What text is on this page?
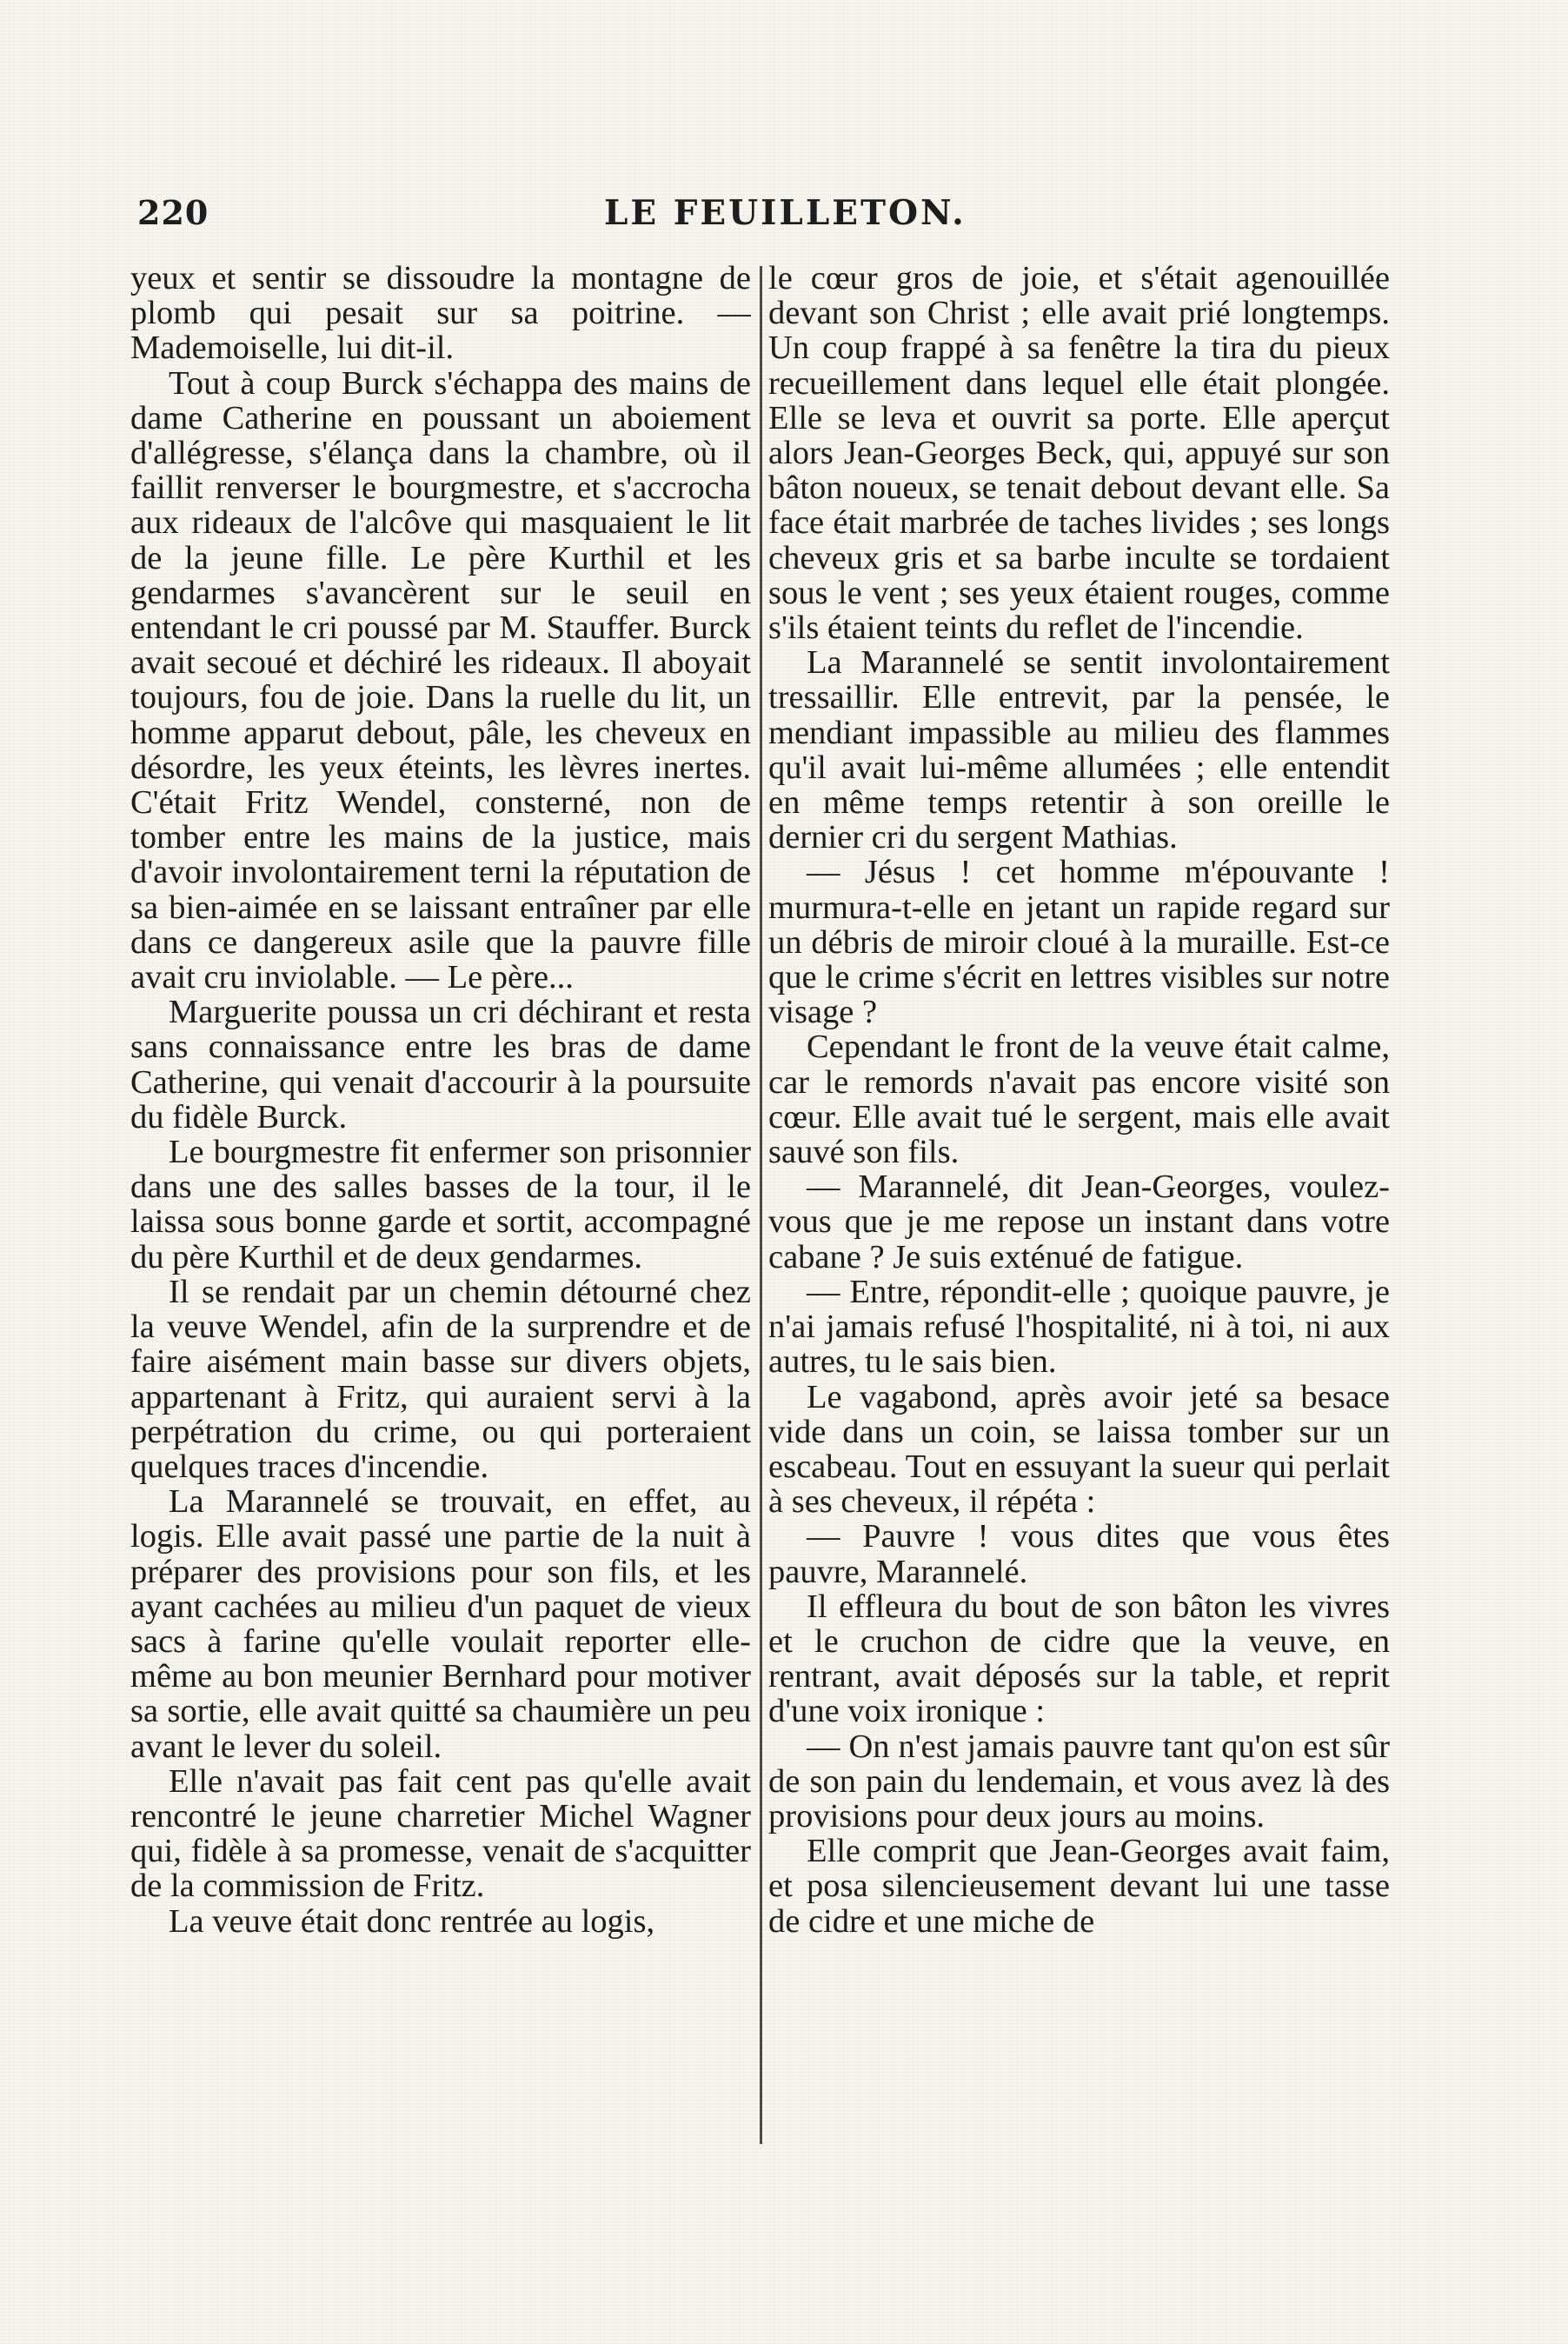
220	LE FEUILLETON.

yeux et sentir se dissoudre la montagne de plomb qui pesait sur sa poitrine. — Mademoiselle, lui dit-il.

Tout à coup Burck s'échappa des mains de dame Catherine en poussant un aboiement d'allégresse, s'élança dans la chambre, où il faillit renverser le bourgmestre, et s'accrocha aux rideaux de l'alcôve qui masquaient le lit de la jeune fille. Le père Kurthil et les gendarmes s'avancèrent sur le seuil en entendant le cri poussé par M. Stauffer. Burck avait secoué et déchiré les rideaux. Il aboyait toujours, fou de joie. Dans la ruelle du lit, un homme apparut debout, pâle, les cheveux en désordre, les yeux éteints, les lèvres inertes. C'était Fritz Wendel, consterné, non de tomber entre les mains de la justice, mais d'avoir involontairement terni la réputation de sa bien-aimée en se laissant entraîner par elle dans ce dangereux asile que la pauvre fille avait cru inviolable. — Le père...

Marguerite poussa un cri déchirant et resta sans connaissance entre les bras de dame Catherine, qui venait d'accourir à la poursuite du fidèle Burck.

Le bourgmestre fit enfermer son prisonnier dans une des salles basses de la tour, il le laissa sous bonne garde et sortit, accompagné du père Kurthil et de deux gendarmes.

Il se rendait par un chemin détourné chez la veuve Wendel, afin de la surprendre et de faire aisément main basse sur divers objets, appartenant à Fritz, qui auraient servi à la perpétration du crime, ou qui porteraient quelques traces d'incendie.

La Marannelé se trouvait, en effet, au logis. Elle avait passé une partie de la nuit à préparer des provisions pour son fils, et les ayant cachées au milieu d'un paquet de vieux sacs à farine qu'elle voulait reporter elle-même au bon meunier Bernhard pour motiver sa sortie, elle avait quitté sa chaumière un peu avant le lever du soleil.

Elle n'avait pas fait cent pas qu'elle avait rencontré le jeune charretier Michel Wagner qui, fidèle à sa promesse, venait de s'acquitter de la commission de Fritz.

La veuve était donc rentrée au logis,

le cœur gros de joie, et s'était agenouillée devant son Christ ; elle avait prié longtemps. Un coup frappé à sa fenêtre la tira du pieux recueillement dans lequel elle était plongée. Elle se leva et ouvrit sa porte. Elle aperçut alors Jean-Georges Beck, qui, appuyé sur son bâton noueux, se tenait debout devant elle. Sa face était marbrée de taches livides ; ses longs cheveux gris et sa barbe inculte se tordaient sous le vent ; ses yeux étaient rouges, comme s'ils étaient teints du reflet de l'incendie.

La Marannelé se sentit involontairement tressaillir. Elle entrevit, par la pensée, le mendiant impassible au milieu des flammes qu'il avait lui-même allumées ; elle entendit en même temps retentir à son oreille le dernier cri du sergent Mathias.

— Jésus ! cet homme m'épouvante ! murmura-t-elle en jetant un rapide regard sur un débris de miroir cloué à la muraille. Est-ce que le crime s'écrit en lettres visibles sur notre visage ?

Cependant le front de la veuve était calme, car le remords n'avait pas encore visité son cœur. Elle avait tué le sergent, mais elle avait sauvé son fils.

— Marannelé, dit Jean-Georges, voulez-vous que je me repose un instant dans votre cabane ? Je suis exténué de fatigue.

— Entre, répondit-elle ; quoique pauvre, je n'ai jamais refusé l'hospitalité, ni à toi, ni aux autres, tu le sais bien.

Le vagabond, après avoir jeté sa besace vide dans un coin, se laissa tomber sur un escabeau. Tout en essuyant la sueur qui perlait à ses cheveux, il répéta :

— Pauvre ! vous dites que vous êtes pauvre, Marannelé.

Il effleura du bout de son bâton les vivres et le cruchon de cidre que la veuve, en rentrant, avait déposés sur la table, et reprit d'une voix ironique :

— On n'est jamais pauvre tant qu'on est sûr de son pain du lendemain, et vous avez là des provisions pour deux jours au moins.

Elle comprit que Jean-Georges avait faim, et posa silencieusement devant lui une tasse de cidre et une miche de
